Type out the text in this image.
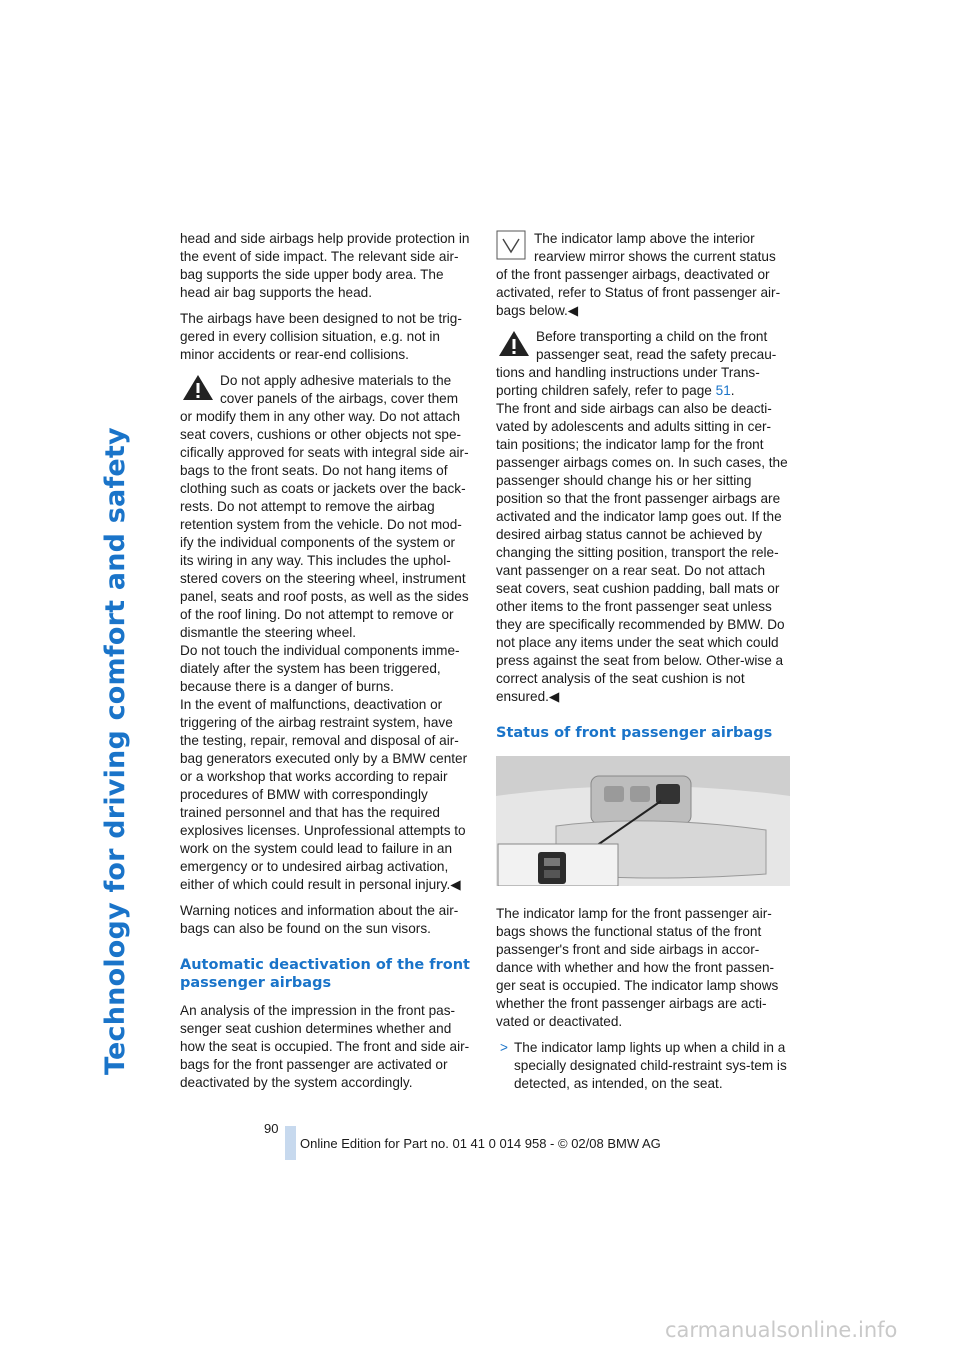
Technology for driving comfort and safety

head and side airbags help provide protection in the event of side impact. The relevant side air-bag supports the side upper body area. The head air bag supports the head.

The airbags have been designed to not be trig-gered in every collision situation, e.g. not in minor accidents or rear-end collisions.

Do not apply adhesive materials to the cover panels of the airbags, cover them or modify them in any other way. Do not attach seat covers, cushions or other objects not spe-cifically approved for seats with integral side air-bags to the front seats. Do not hang items of clothing such as coats or jackets over the back-rests. Do not attempt to remove the airbag retention system from the vehicle. Do not mod-ify the individual components of the system or its wiring in any way. This includes the uphol-stered covers on the steering wheel, instrument panel, seats and roof posts, as well as the sides of the roof lining. Do not attempt to remove or dismantle the steering wheel.
Do not touch the individual components imme-diately after the system has been triggered, because there is a danger of burns.
In the event of malfunctions, deactivation or triggering of the airbag restraint system, have the testing, repair, removal and disposal of air-bag generators executed only by a BMW center or a workshop that works according to repair procedures of BMW with correspondingly trained personnel and that has the required explosives licenses. Unprofessional attempts to work on the system could lead to failure in an emergency or to undesired airbag activation, either of which could result in personal injury.◀

Warning notices and information about the air-bags can also be found on the sun visors.

Automatic deactivation of the front passenger airbags

An analysis of the impression in the front pas-senger seat cushion determines whether and how the seat is occupied. The front and side air-bags for the front passenger are activated or deactivated by the system accordingly.

The indicator lamp above the interior rearview mirror shows the current status of the front passenger airbags, deactivated or activated, refer to Status of front passenger air-bags below.◀
Before transporting a child on the front passenger seat, read the safety precau-tions and handling instructions under Trans-porting children safely, refer to page 51.
The front and side airbags can also be deacti-vated by adolescents and adults sitting in cer-tain positions; the indicator lamp for the front passenger airbags comes on. In such cases, the passenger should change his or her sitting position so that the front passenger airbags are activated and the indicator lamp goes out. If the desired airbag status cannot be achieved by changing the sitting position, transport the rele-vant passenger on a rear seat. Do not attach seat covers, seat cushion padding, ball mats or other items to the front passenger seat unless they are specifically recommended by BMW. Do not place any items under the seat which could press against the seat from below. Other-wise a correct analysis of the seat cushion is not ensured.◀
Status of front passenger airbags

The indicator lamp for the front passenger air-bags shows the functional status of the front passenger's front and side airbags in accor-dance with whether and how the front passen-ger seat is occupied. The indicator lamp shows whether the front passenger airbags are acti-vated or deactivated.

> The indicator lamp lights up when a child in a specially designated child-restraint sys-tem is detected, as intended, on the seat.
90
Online Edition for Part no. 01 41 0 014 958 - © 02/08 BMW AG
carmanualsonline.info
